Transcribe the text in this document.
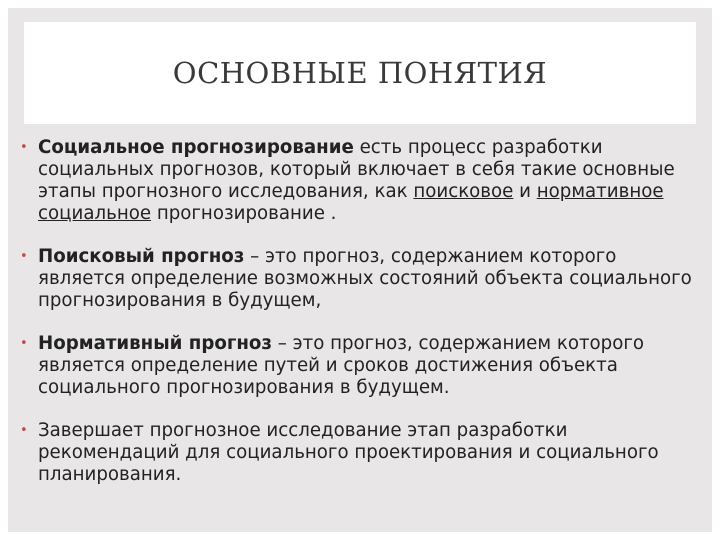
ОСНОВНЫЕ ПОНЯТИЯ
• Социальное прогнозирование есть процесс разработки социальных прогнозов, который включает в себя такие основные этапы прогнозного исследования, как поисковое и нормативное социальное прогнозирование .
• Поисковый прогноз – это прогноз, содержанием которого является определение возможных состояний объекта социального прогнозирования в будущем,
• Нормативный прогноз – это прогноз, содержанием которого является определение путей и сроков достижения объекта социального прогнозирования в будущем.
• Завершает прогнозное исследование этап разработки рекомендаций для социального проектирования и социального планирования.
